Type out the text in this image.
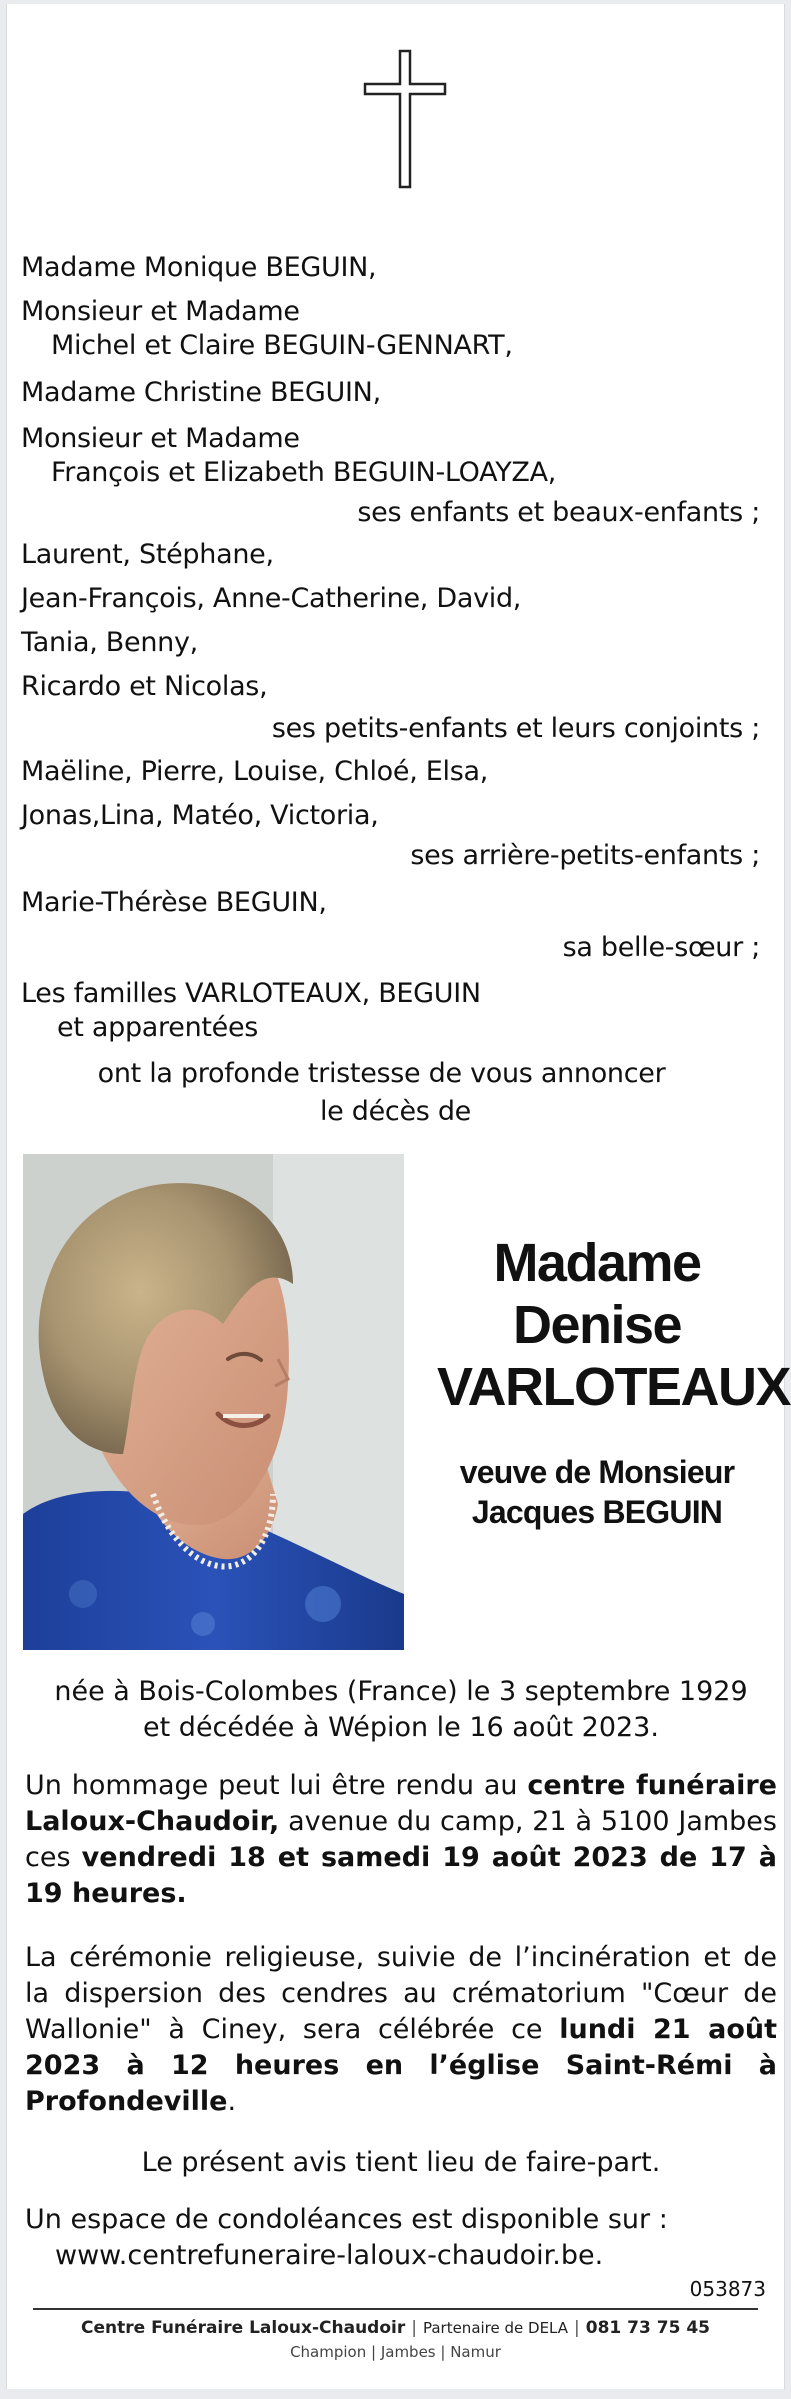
Madame Monique BEGUIN,
Monsieur et Madame
Michel et Claire BEGUIN-GENNART,
Madame Christine BEGUIN,
Monsieur et Madame
François et Elizabeth BEGUIN-LOAYZA,
ses enfants et beaux-enfants ;
Laurent, Stéphane,
Jean-François, Anne-Catherine, David,
Tania, Benny,
Ricardo et Nicolas,
ses petits-enfants et leurs conjoints ;
Maëline, Pierre, Louise, Chloé, Elsa,
Jonas,Lina, Matéo, Victoria,
ses arrière-petits-enfants ;
Marie-Thérèse BEGUIN,
sa belle-sœur ;
Les familles VARLOTEAUX, BEGUIN
et apparentées
ont la profonde tristesse de vous annoncer
le décès de
Madame
Denise
VARLOTEAUX
veuve de Monsieur
Jacques BEGUIN
née à Bois-Colombes (France) le 3 septembre 1929
et décédée à Wépion le 16 août 2023.
Un hommage peut lui être rendu au centre funéraire Laloux-Chaudoir, avenue du camp, 21 à 5100 Jambes ces vendredi 18 et samedi 19 août 2023 de 17 à 19 heures.
La cérémonie religieuse, suivie de l’incinération et de la dispersion des cendres au crématorium "Cœur de Wallonie" à Ciney, sera célébrée ce lundi 21 août 2023 à 12 heures en l’église Saint-Rémi à Profondeville.
Le présent avis tient lieu de faire-part.
Un espace de condoléances est disponible sur :
www.centrefuneraire-laloux-chaudoir.be.
053873
Centre Funéraire Laloux-Chaudoir | Partenaire de DELA | 081 73 75 45
Champion | Jambes | Namur
